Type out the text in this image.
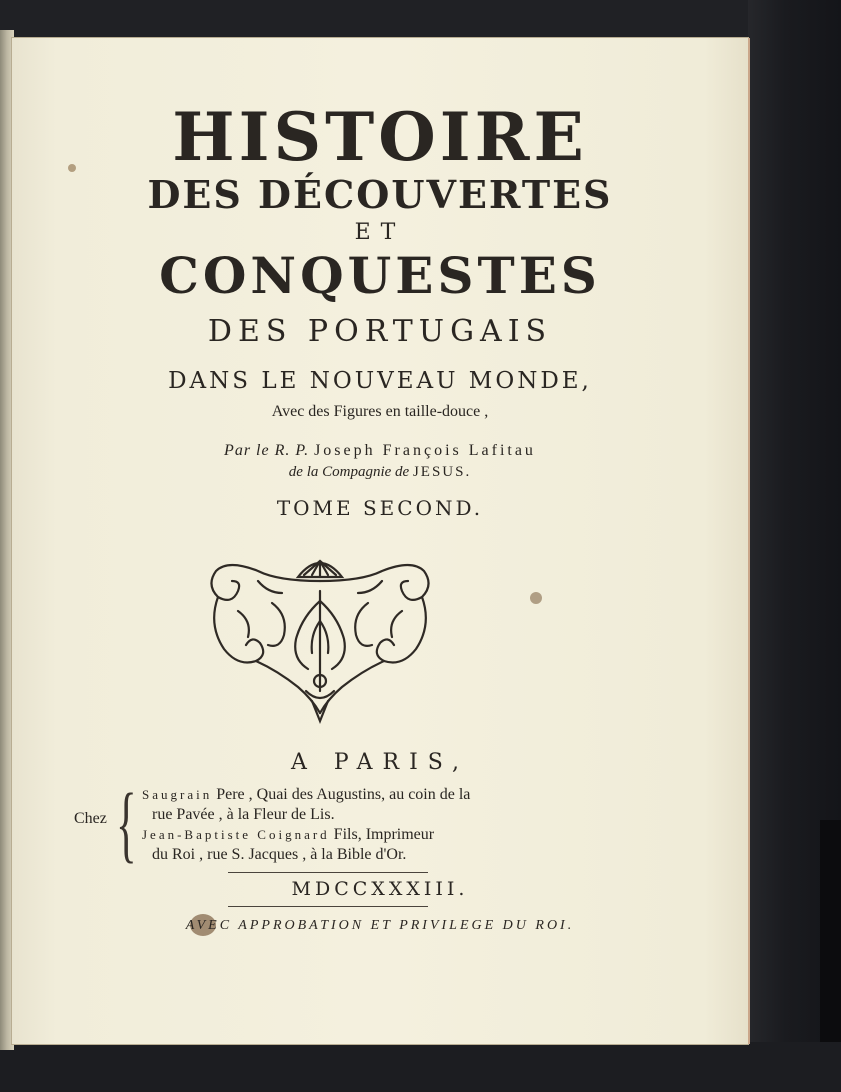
HISTOIRE
DES DÉCOUVERTES
ET
CONQUESTES
DES PORTUGAIS
DANS LE NOUVEAU MONDE,
Avec des Figures en taille-douce ,
Par le R. P. Joseph François Lafitau
de la Compagnie de JESUS.
TOME SECOND.
A PARIS,
Chez { Saugrain Pere , Quai des Augustins, au coin de la
rue Pavée , à la Fleur de Lis.
Jean-Baptiste Coignard Fils, Imprimeur
du Roi , rue S. Jacques , à la Bible d'Or.
MDCCXXXIII.
AVEC APPROBATION ET PRIVILEGE DU ROI.
